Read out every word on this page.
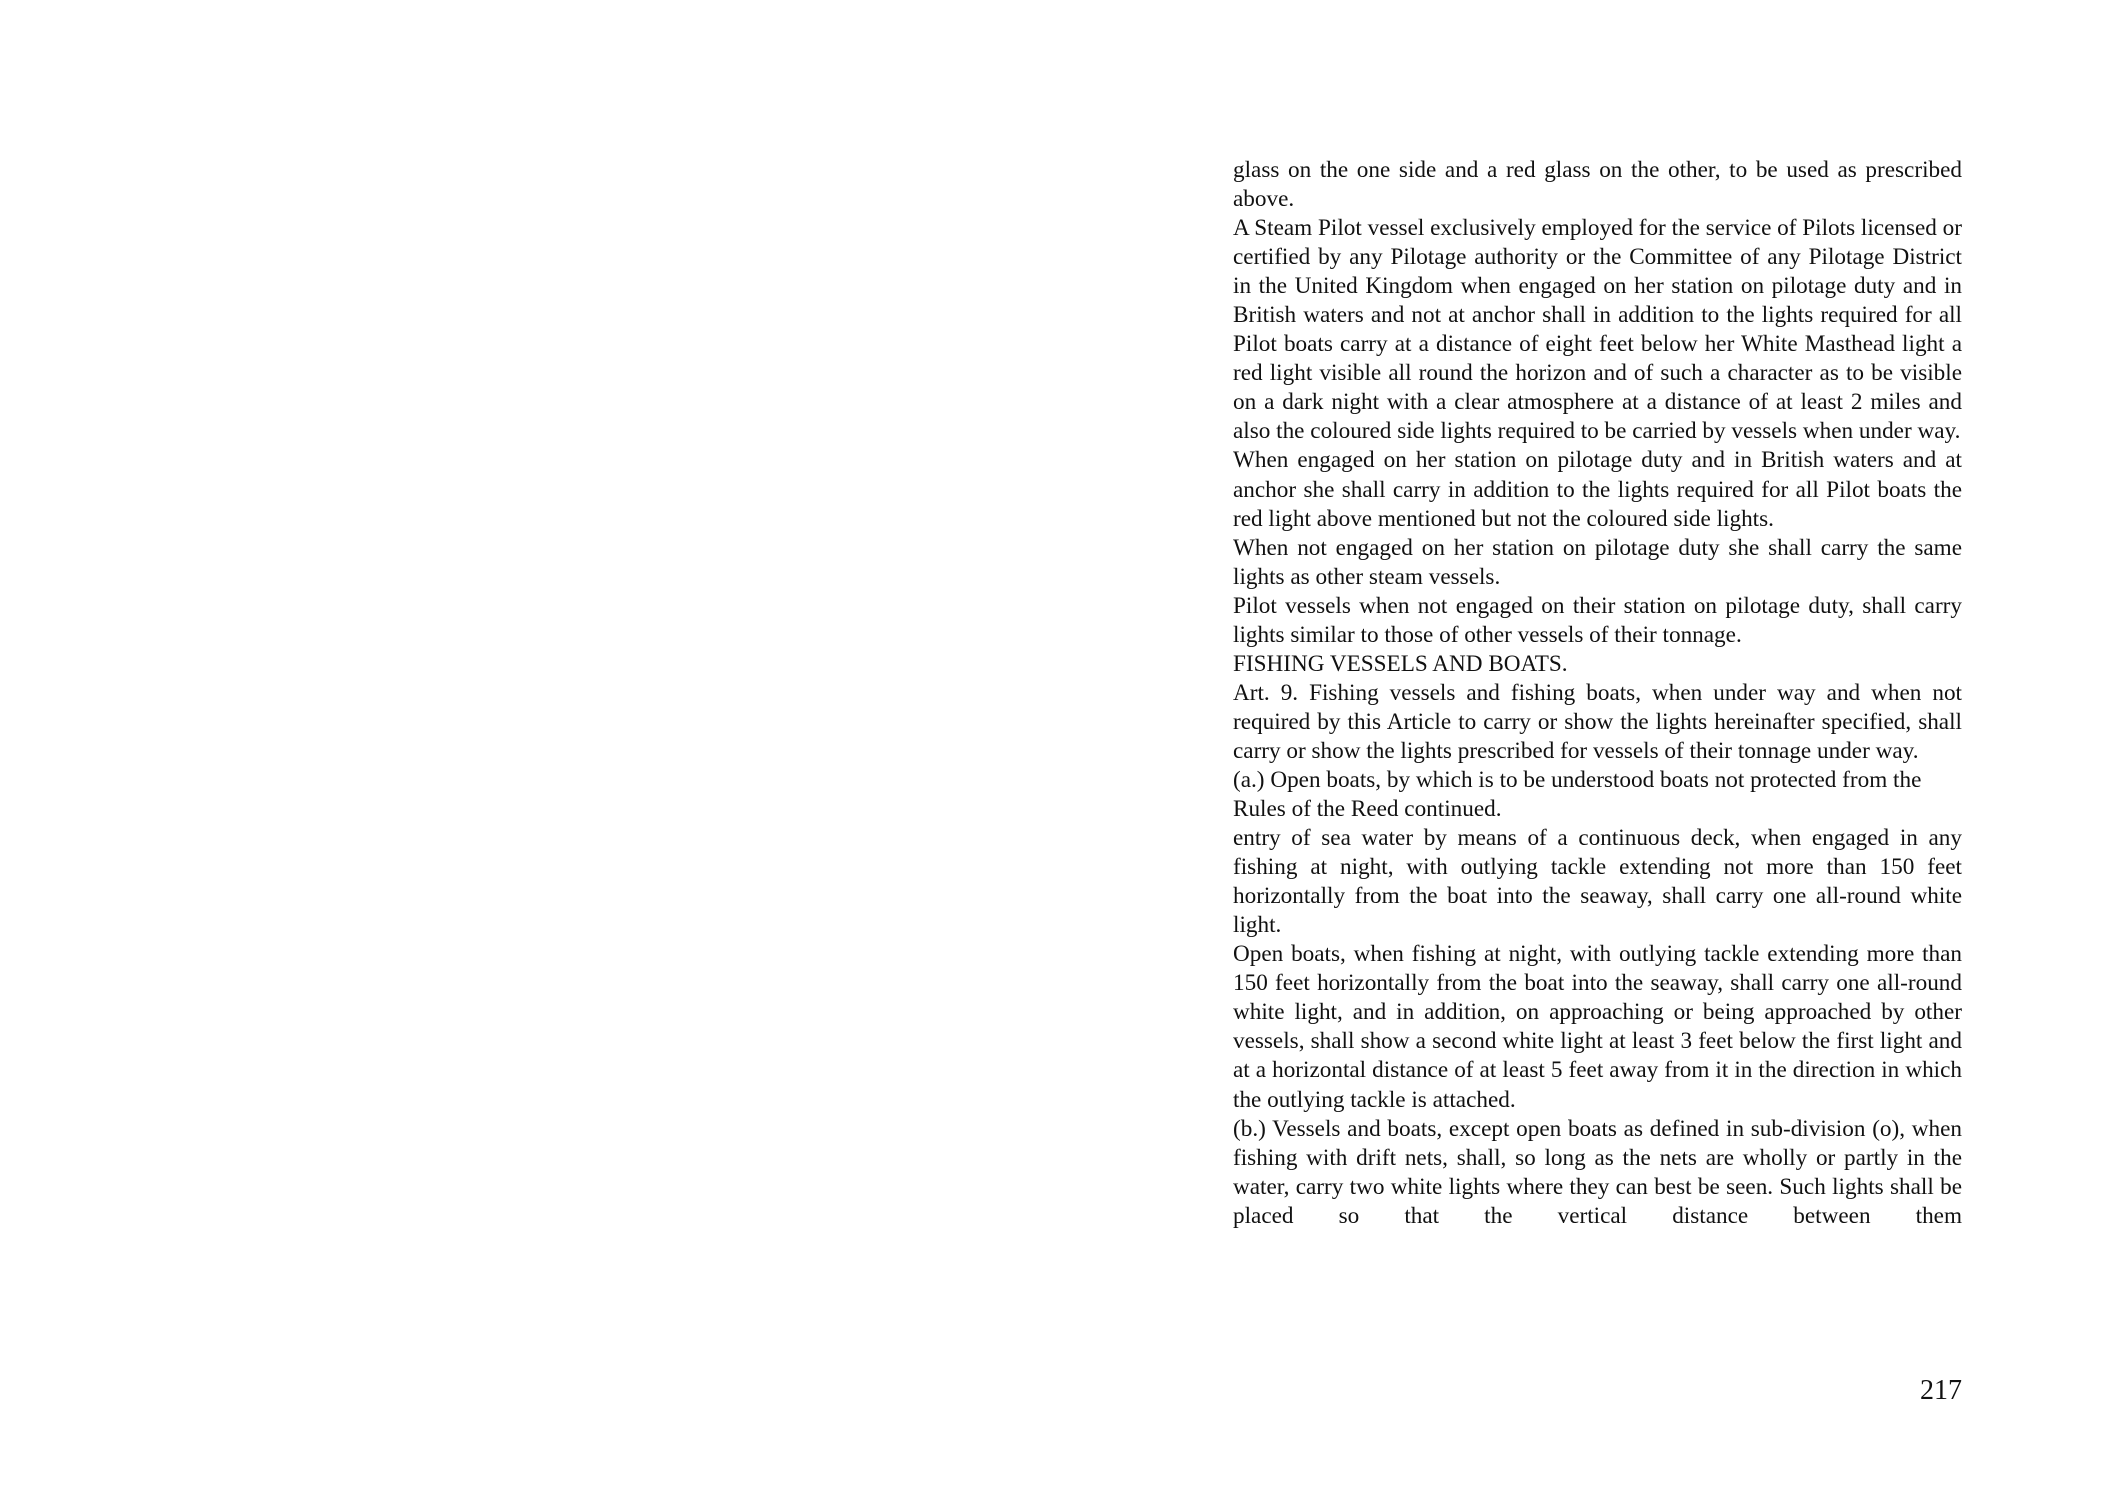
glass on the one side and a red glass on the other, to be used as prescribed above.

A Steam Pilot vessel exclusively employed for the service of Pilots licensed or certified by any Pilotage authority or the Committee of any Pilotage District in the United Kingdom when engaged on her station on pilotage duty and in British waters and not at anchor shall in addition to the lights required for all Pilot boats carry at a distance of eight feet below her White Masthead light a red light visible all round the horizon and of such a character as to be visible on a dark night with a clear atmosphere at a distance of at least 2 miles and also the coloured side lights required to be carried by vessels when under way.

When engaged on her station on pilotage duty and in British waters and at anchor she shall carry in addition to the lights required for all Pilot boats the red light above mentioned but not the coloured side lights.

When not engaged on her station on pilotage duty she shall carry the same lights as other steam vessels.

Pilot vessels when not engaged on their station on pilotage duty, shall carry lights similar to those of other vessels of their tonnage.

FISHING VESSELS AND BOATS.

Art. 9. Fishing vessels and fishing boats, when under way and when not required by this Article to carry or show the lights hereinafter specified, shall carry or show the lights prescribed for vessels of their tonnage under way.

(a.) Open boats, by which is to be understood boats not protected from the

Rules of the Reed continued.

entry of sea water by means of a continuous deck, when engaged in any fishing at night, with outlying tackle extending not more than 150 feet horizontally from the boat into the seaway, shall carry one all-round white light.

Open boats, when fishing at night, with outlying tackle extending more than 150 feet horizontally from the boat into the seaway, shall carry one all-round white light, and in addition, on approaching or being approached by other vessels, shall show a second white light at least 3 feet below the first light and at a horizontal distance of at least 5 feet away from it in the direction in which the outlying tackle is attached.

(b.) Vessels and boats, except open boats as defined in sub-division (o), when fishing with drift nets, shall, so long as the nets are wholly or partly in the water, carry two white lights where they can best be seen. Such lights shall be placed so that the vertical distance between them

217
